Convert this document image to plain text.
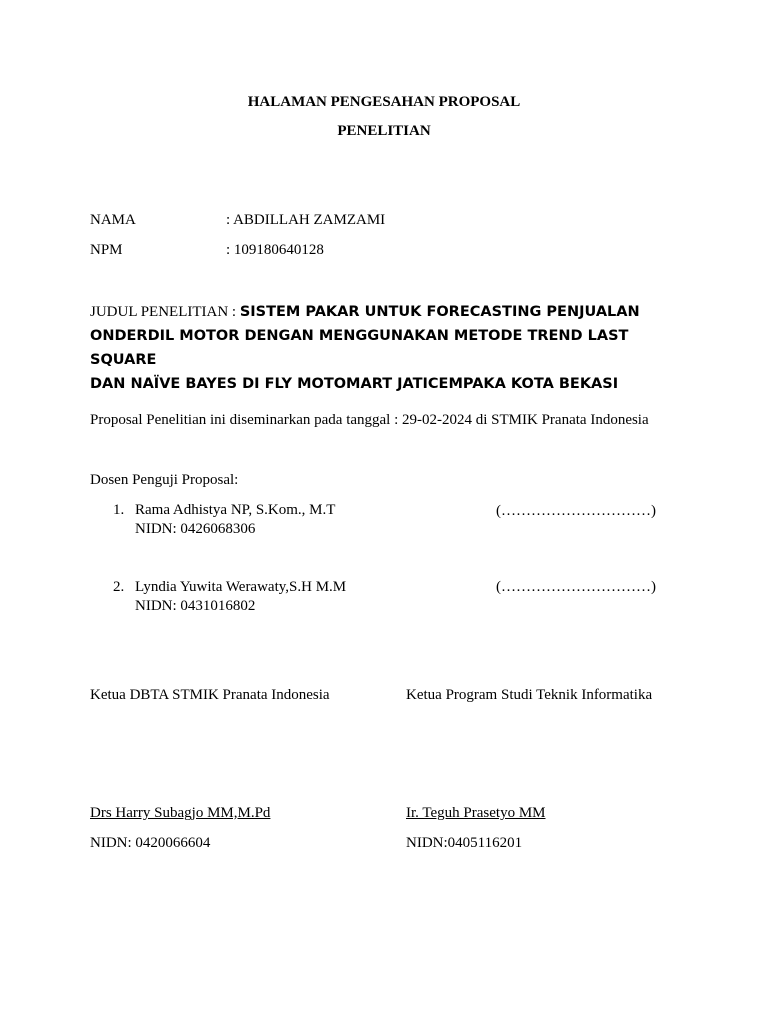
HALAMAN PENGESAHAN PROPOSAL
PENELITIAN
NAMA	: ABDILLAH ZAMZAMI
NPM	: 109180640128
JUDUL PENELITIAN : SISTEM PAKAR UNTUK FORECASTING PENJUALAN
ONDERDIL MOTOR DENGAN MENGGUNAKAN METODE TREND LAST SQUARE
DAN NAÏVE BAYES DI FLY MOTOMART JATICEMPAKA KOTA BEKASI
Proposal Penelitian ini diseminarkan pada tanggal : 29-02-2024 di STMIK Pranata Indonesia
Dosen Penguji Proposal:
1. Rama Adhistya NP, S.Kom., M.T
NIDN: 0426068306
(…………………………)
2. Lyndia Yuwita Werawaty,S.H M.M
NIDN: 0431016802
(…………………………)
Ketua DBTA STMIK Pranata Indonesia	Ketua Program Studi Teknik Informatika
Drs Harry Subagjo MM,M.Pd	Ir. Teguh Prasetyo MM
NIDN: 0420066604	NIDN:0405116201
